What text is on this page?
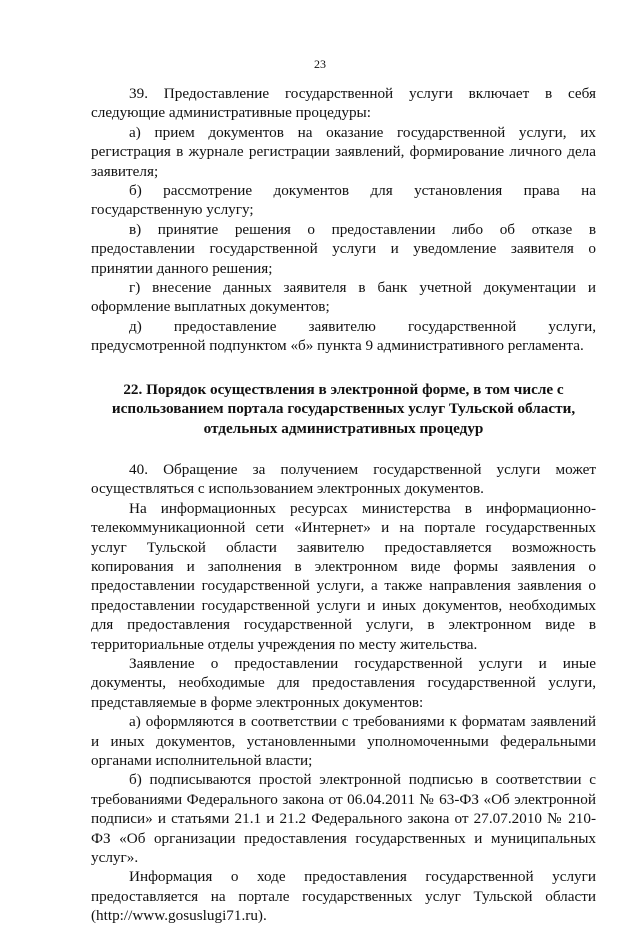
23

39. Предоставление государственной услуги включает в себя следующие административные процедуры:

а) прием документов на оказание государственной услуги, их регистрация в журнале регистрации заявлений, формирование личного дела заявителя;

б) рассмотрение документов для установления права на государственную услугу;

в) принятие решения о предоставлении либо об отказе в предоставлении государственной услуги и уведомление заявителя о принятии данного решения;

г) внесение данных заявителя в банк учетной документации и оформление выплатных документов;

д) предоставление заявителю государственной услуги, предусмотренной подпунктом «б» пункта 9 административного регламента.

22. Порядок осуществления в электронной форме, в том числе с использованием портала государственных услуг Тульской области, отдельных административных процедур

40. Обращение за получением государственной услуги может осуществляться с использованием электронных документов.

На информационных ресурсах министерства в информационно-телекоммуникационной сети «Интернет» и на портале государственных услуг Тульской области заявителю предоставляется возможность копирования и заполнения в электронном виде формы заявления о предоставлении государственной услуги, а также направления заявления о предоставлении государственной услуги и иных документов, необходимых для предоставления государственной услуги, в электронном виде в территориальные отделы учреждения по месту жительства.

Заявление о предоставлении государственной услуги и иные документы, необходимые для предоставления государственной услуги, представляемые в форме электронных документов:

а) оформляются в соответствии с требованиями к форматам заявлений и иных документов, установленными уполномоченными федеральными органами исполнительной власти;

б) подписываются простой электронной подписью в соответствии с требованиями Федерального закона от 06.04.2011 № 63-ФЗ «Об электронной подписи» и статьями 21.1 и 21.2 Федерального закона от 27.07.2010 № 210-ФЗ «Об организации предоставления государственных и муниципальных услуг».

Информация о ходе предоставления государственной услуги предоставляется на портале государственных услуг Тульской области (http://www.gosuslugi71.ru).
